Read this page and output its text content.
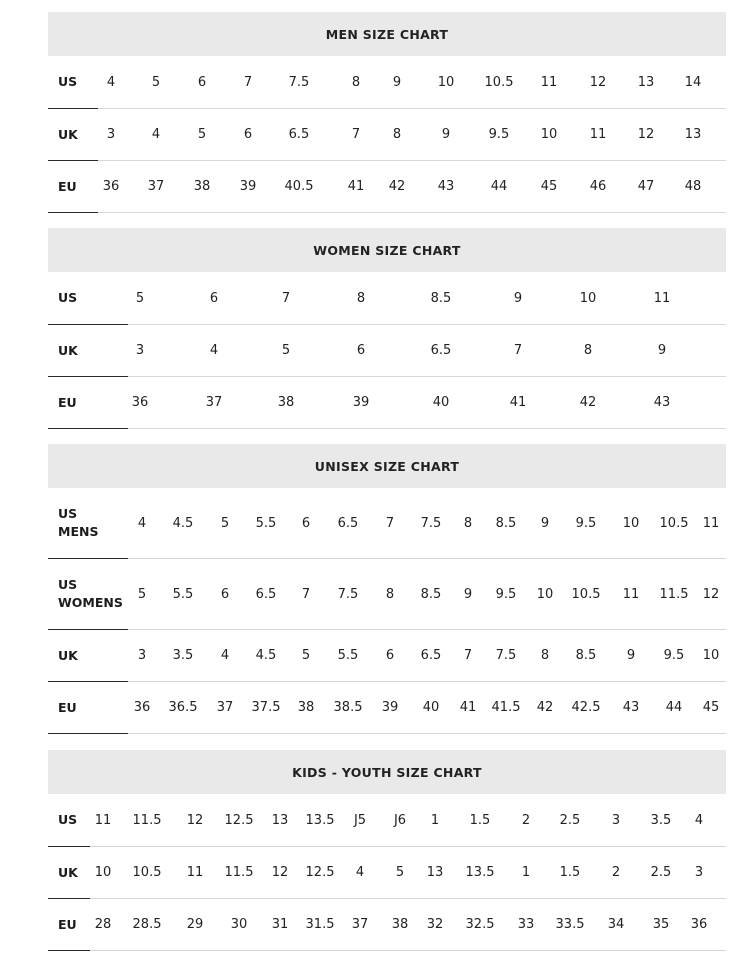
MEN SIZE CHART
US 4	5	6	7	7.5	8	9	10 10.5 11 12 13 14
UK 3	4	5	6	6.5	7	8	9	9.5 10 11 12 13
EU 36 37 38 39 40.5	41 42 43	44	45 46 47 48
WOMEN SIZE CHART
US	5	6	7	8	8.5	9	10	11
UK	3	4	5	6	6.5	7	8	9
EU	36	37	38	39	40	41	42	43
UNISEX SIZE CHART
US
MENS
4 4.5 5 5.5 6 6.5 7 7.5 8 8.5 9 9.5 10 10.5 11
US
WOMENS
5 5.5 6 6.5 7 7.5 8 8.5 9 9.5 10 10.5 11 11.5 12
UK	3 3.5 4 4.5 5 5.5 6 6.5 7 7.5 8 8.5 9 9.5 10
EU	36 36.5 37 37.5 38 38.5 39 40 41 41.5 42 42.5 43 44 45
KIDS - YOUTH SIZE CHART
US 11 11.5 12 12.5 13 13.5 J5 J6 1 1.5 2 2.5 3 3.5 4
UK 10 10.5 11 11.5 12 12.5 4 5 13 13.5 1 1.5 2 2.5 3
EU 28 28.5 29 30 31 31.5 37 38 32 32.5 33 33.5 34 35 36
